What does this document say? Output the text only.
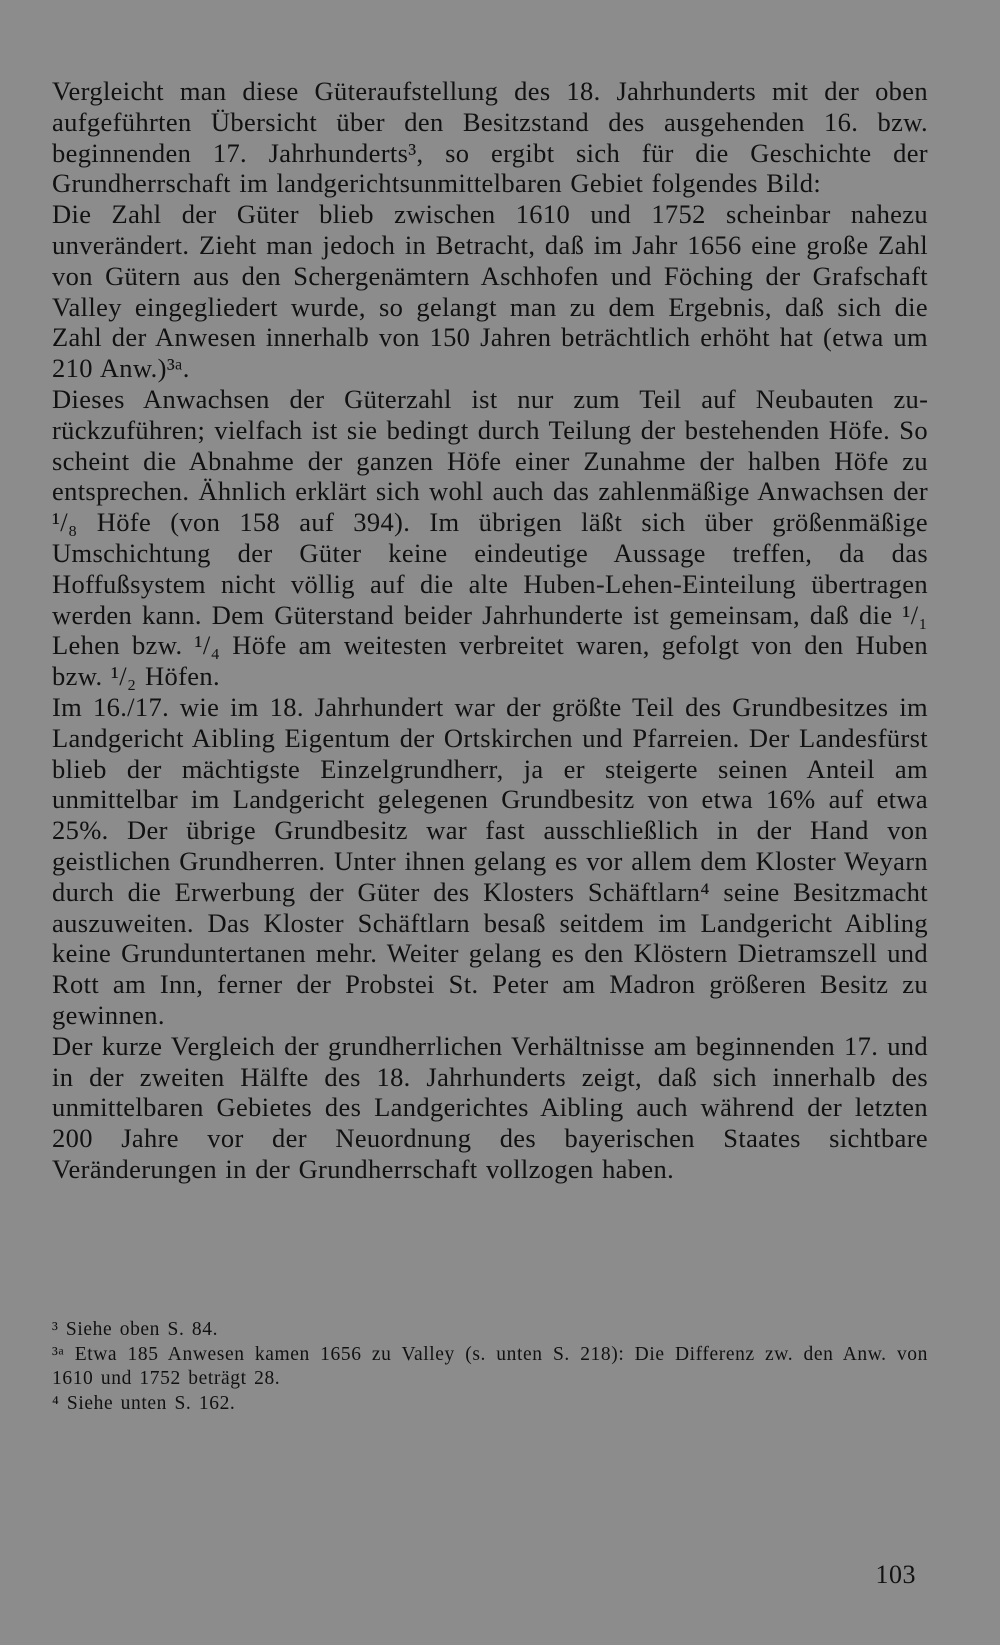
Vergleicht man diese Güteraufstellung des 18. Jahrhunderts mit der oben aufgeführten Übersicht über den Besitzstand des ausgehenden 16. bzw. beginnenden 17. Jahrhunderts³, so ergibt sich für die Geschichte der Grundherrschaft im landgerichtsunmittelbaren Gebiet folgendes Bild:

Die Zahl der Güter blieb zwischen 1610 und 1752 scheinbar nahezu unverändert. Zieht man jedoch in Betracht, daß im Jahr 1656 eine große Zahl von Gütern aus den Schergenämtern Aschhofen und Föching der Grafschaft Valley eingegliedert wurde, so gelangt man zu dem Ergebnis, daß sich die Zahl der Anwesen innerhalb von 150 Jahren beträchtlich erhöht hat (etwa um 210 Anw.)³ᵃ.

Dieses Anwachsen der Güterzahl ist nur zum Teil auf Neubauten zurückzuführen; vielfach ist sie bedingt durch Teilung der bestehenden Höfe. So scheint die Abnahme der ganzen Höfe einer Zunahme der halben Höfe zu entsprechen. Ähnlich erklärt sich wohl auch das zahlenmäßige Anwachsen der ¹/₈ Höfe (von 158 auf 394). Im übrigen läßt sich über größenmäßige Umschichtung der Güter keine eindeutige Aussage treffen, da das Hoffußsystem nicht völlig auf die alte Huben-Lehen-Einteilung übertragen werden kann. Dem Güterstand beider Jahrhunderte ist gemeinsam, daß die ¹/₁ Lehen bzw. ¹/₄ Höfe am weitesten verbreitet waren, gefolgt von den Huben bzw. ¹/₂ Höfen.

Im 16./17. wie im 18. Jahrhundert war der größte Teil des Grundbesitzes im Landgericht Aibling Eigentum der Ortskirchen und Pfarreien. Der Landesfürst blieb der mächtigste Einzelgrundherr, ja er steigerte seinen Anteil am unmittelbar im Landgericht gelegenen Grundbesitz von etwa 16% auf etwa 25%. Der übrige Grundbesitz war fast ausschließlich in der Hand von geistlichen Grundherren. Unter ihnen gelang es vor allem dem Kloster Weyarn durch die Erwerbung der Güter des Klosters Schäftlarn⁴ seine Besitzmacht auszuweiten. Das Kloster Schäftlarn besaß seitdem im Landgericht Aibling keine Grunduntertanen mehr. Weiter gelang es den Klöstern Dietramszell und Rott am Inn, ferner der Probstei St. Peter am Madron größeren Besitz zu gewinnen.

Der kurze Vergleich der grundherrlichen Verhältnisse am beginnenden 17. und in der zweiten Hälfte des 18. Jahrhunderts zeigt, daß sich innerhalb des unmittelbaren Gebietes des Landgerichtes Aibling auch während der letzten 200 Jahre vor der Neuordnung des bayerischen Staates sichtbare Veränderungen in der Grundherrschaft vollzogen haben.

³ Siehe oben S. 84.

³ᵃ Etwa 185 Anwesen kamen 1656 zu Valley (s. unten S. 218): Die Differenz zw. den Anw. von 1610 und 1752 beträgt 28.

⁴ Siehe unten S. 162.

103
